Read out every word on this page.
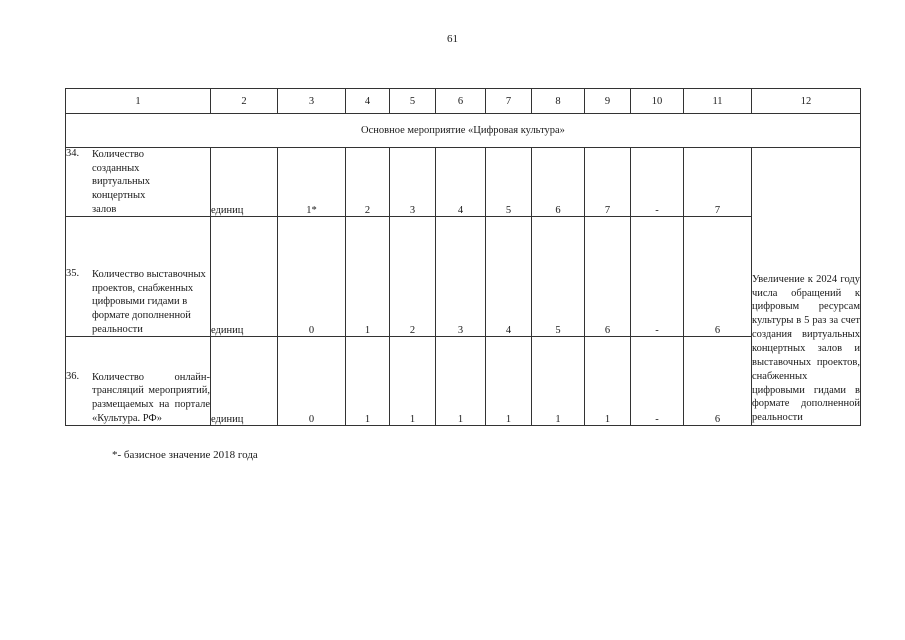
61
1	2	3	4	5	6	7	8	9	10	11	12
Основное мероприятие «Цифровая культура»											

34. Количество созданных виртуальных концертных залов	единиц	1*	2	3	4	5	6	7	-	7	Увеличение к 2024 году числа обращений к цифровым ресурсам культуры в 5 раз за счет создания виртуальных концертных залов и выставочных проектов, снабженных цифровыми гидами в формате дополненной реальности

35. Количество выставочных проектов, снабженных цифровыми гидами в формате дополненной реальности	единиц	0	1	2	3	4	5	6	-	6	

36. Количество онлайн-трансляций мероприятий, размещаемых на портале «Культура. РФ»	единиц	0	1	1	1	1	1	1	-	6	
*- базисное значение 2018 года
